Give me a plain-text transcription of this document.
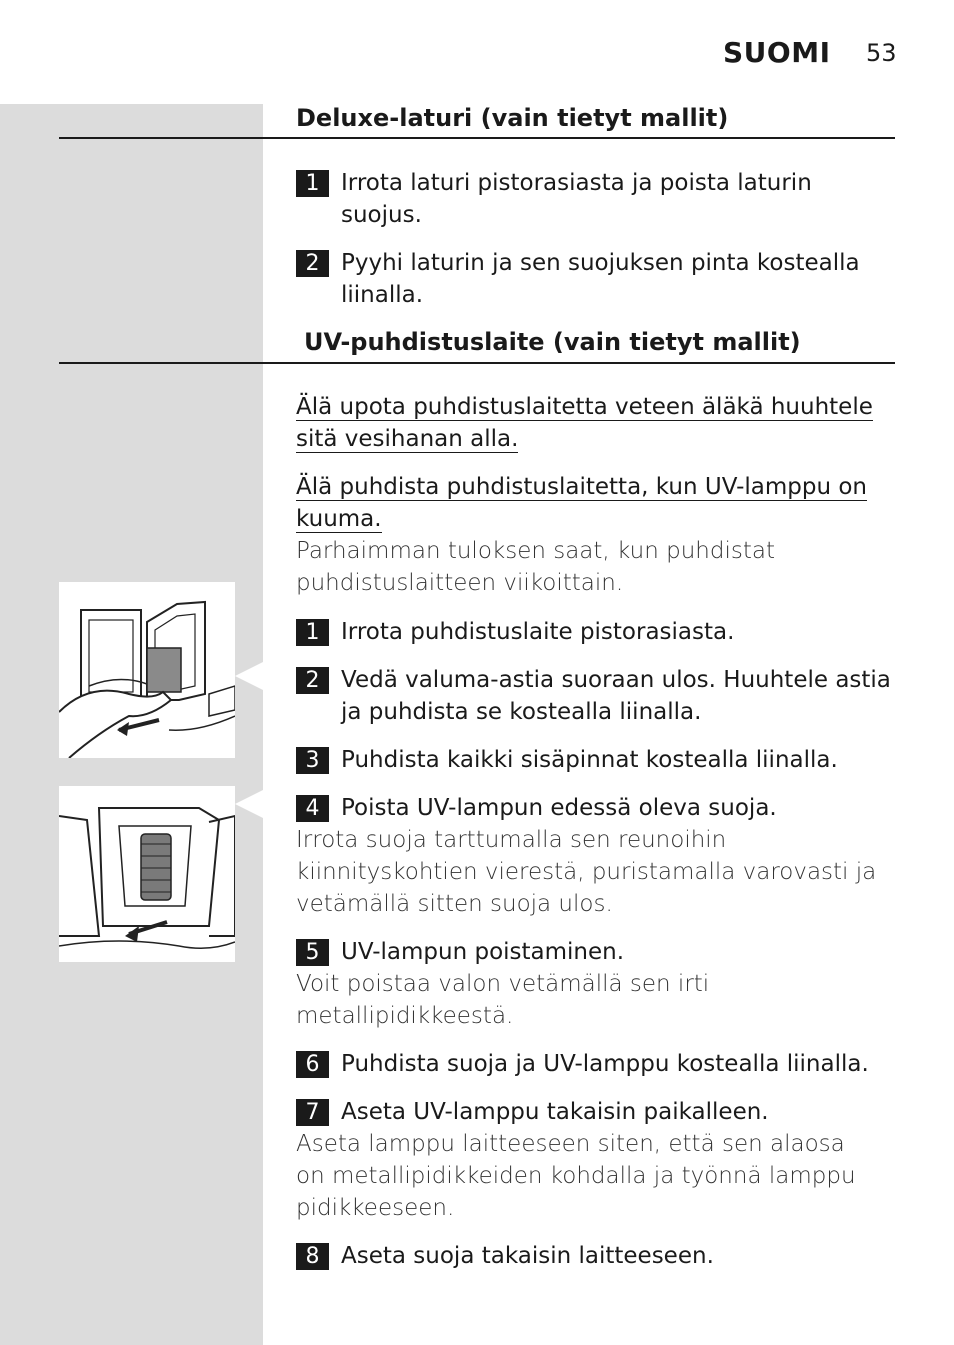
SUOMI 53
Deluxe-laturi (vain tietyt mallit)
1 Irrota laturi pistorasiasta ja poista laturin suojus.
2 Pyyhi laturin ja sen suojuksen pinta kostealla liinalla.
UV-puhdistuslaite (vain tietyt mallit)
Älä upota puhdistuslaitetta veteen äläkä huuhtele sitä vesihanan alla.
Älä puhdista puhdistuslaitetta, kun UV-lamppu on kuuma.
Parhaimman tuloksen saat, kun puhdistat puhdistuslaitteen viikoittain.
1 Irrota puhdistuslaite pistorasiasta.
2 Vedä valuma-astia suoraan ulos. Huuhtele astia ja puhdista se kostealla liinalla.
3 Puhdista kaikki sisäpinnat kostealla liinalla.
4 Poista UV-lampun edessä oleva suoja.
Irrota suoja tarttumalla sen reunoihin kiinnityskohtien vierestä, puristamalla varovasti ja vetämällä sitten suoja ulos.
5 UV-lampun poistaminen.
Voit poistaa valon vetämällä sen irti metallipidikkeestä.
6 Puhdista suoja ja UV-lamppu kostealla liinalla.
7 Aseta UV-lamppu takaisin paikalleen.
Aseta lamppu laitteeseen siten, että sen alaosa on metallipidikkeiden kohdalla ja työnnä lamppu pidikkeeseen.
8 Aseta suoja takaisin laitteeseen.
